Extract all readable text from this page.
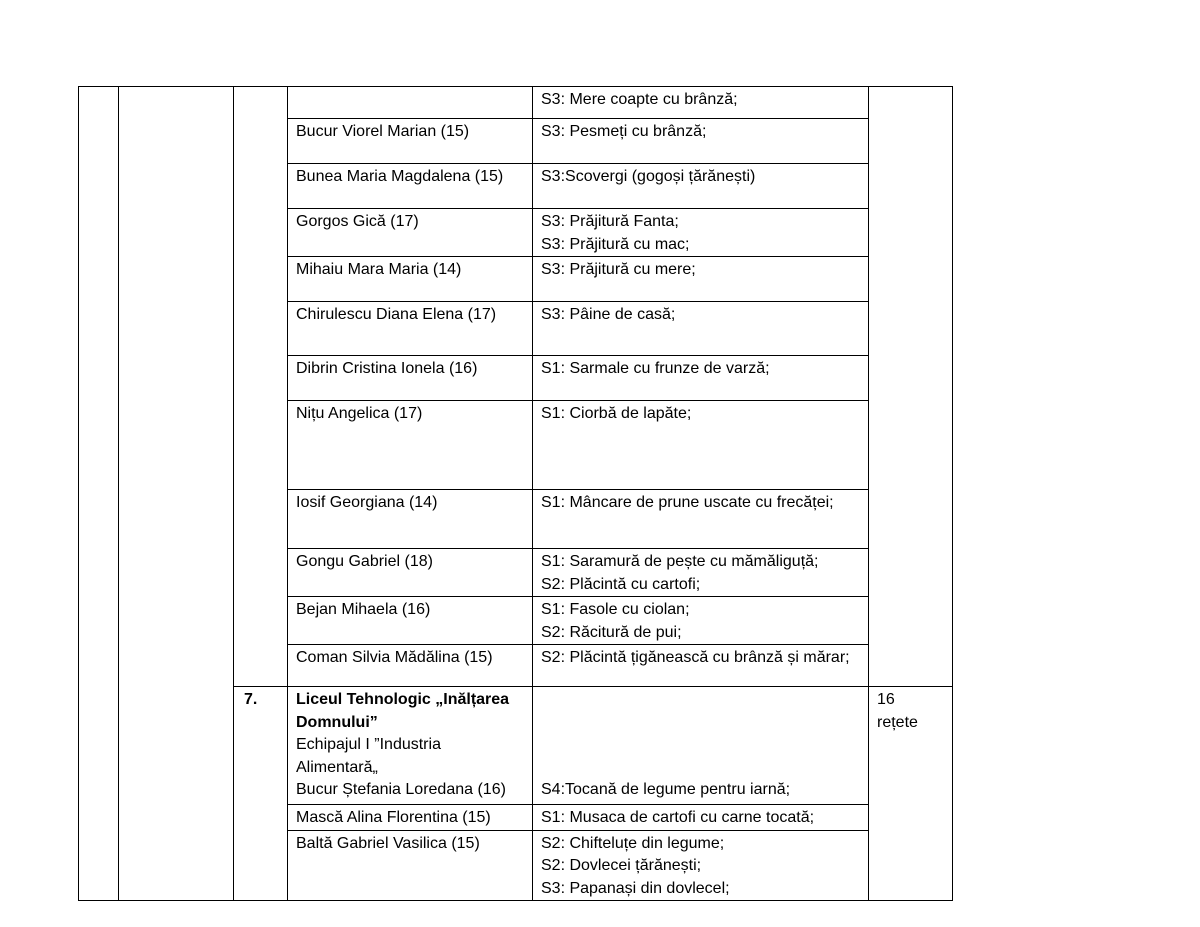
				S3: Mere coapte cu brânză;	

			Bucur Viorel Marian (15)	S3: Pesmeți cu brânză;	

			Bunea Maria Magdalena (15)	S3:Scovergi (gogoși țărănești)	

			Gorgos Gică (17)	S3: Prăjitură Fanta;
S3: Prăjitură cu mac;	

			Mihaiu Mara Maria (14)	S3: Prăjitură cu mere;	

			Chirulescu Diana Elena (17)	S3: Pâine de casă;	

			Dibrin Cristina Ionela (16)	S1: Sarmale cu frunze de varză;	

			Nițu Angelica (17)	S1: Ciorbă de lapăte;	

			Iosif Georgiana (14)	S1: Mâncare de prune uscate cu frecăței;	

			Gongu Gabriel (18)	S1: Saramură de pește cu mămăliguță;
S2: Plăcintă cu cartofi;	

			Bejan Mihaela (16)	S1: Fasole cu ciolan;
S2: Răcitură de pui;	

			Coman Silvia Mădălina (15)	S2: Plăcintă țigănească cu brânză și mărar;	

		7.	Liceul Tehnologic „Inălțarea
Domnului”
Echipajul I ”Industria
Alimentară„
Bucur Ștefania Loredana (16)	S4:Tocană de legume pentru iarnă;	16
rețete

			Mască Alina Florentina (15)	S1: Musaca de cartofi cu carne tocată;	

			Baltă Gabriel Vasilica (15)	S2: Chifteluțe din legume;
S2: Dovlecei țărănești;
S3: Papanași din dovlecel;	
